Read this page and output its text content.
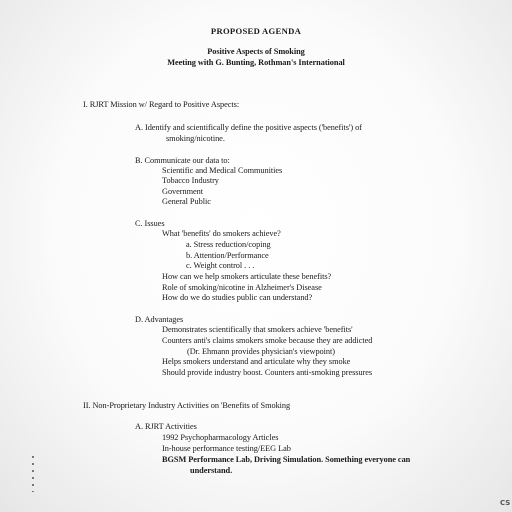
PROPOSED AGENDA
Positive Aspects of Smoking
Meeting with G. Bunting, Rothman's International
I. RJRT Mission w/ Regard to Positive Aspects:
A. Identify and scientifically define the positive aspects ('benefits') of
smoking/nicotine.
B. Communicate our data to:
Scientific and Medical Communities
Tobacco Industry
Government
General Public
C. Issues
What 'benefits' do smokers achieve?
a. Stress reduction/coping
b. Attention/Performance
c. Weight control . . .
How can we help smokers articulate these benefits?
Role of smoking/nicotine in Alzheimer's Disease
How do we do studies public can understand?
D. Advantages
Demonstrates scientifically that smokers achieve 'benefits'
Counters anti's claims smokers smoke because they are addicted
(Dr. Ehmann provides physician's viewpoint)
Helps smokers understand and articulate why they smoke
Should provide industry boost. Counters anti-smoking pressures
II. Non-Proprietary Industry Activities on 'Benefits of Smoking
A. RJRT Activities
1992 Psychopharmacology Articles
In-house performance testing/EEG Lab
BGSM Performance Lab, Driving Simulation. Something everyone can
understand.
CS
